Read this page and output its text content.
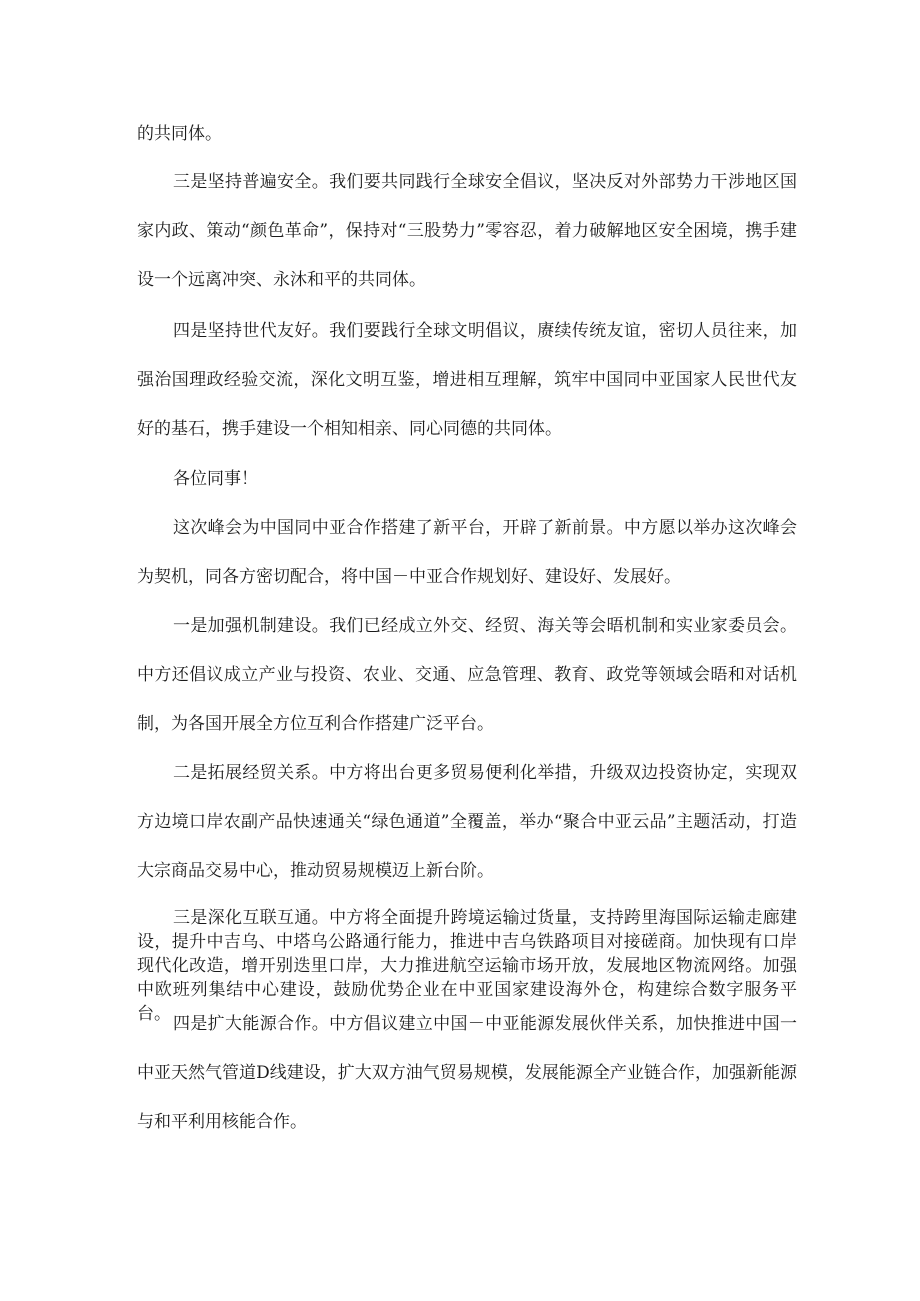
的共同体。

三是坚持普遍安全。我们要共同践行全球安全倡议，坚决反对外部势力干涉地区国家内政、策动“颜色革命”，保持对“三股势力”零容忍，着力破解地区安全困境，携手建设一个远离冲突、永沐和平的共同体。

四是坚持世代友好。我们要践行全球文明倡议，赓续传统友谊，密切人员往来，加强治国理政经验交流，深化文明互鉴，增进相互理解，筑牢中国同中亚国家人民世代友好的基石，携手建设一个相知相亲、同心同德的共同体。

各位同事！

这次峰会为中国同中亚合作搭建了新平台，开辟了新前景。中方愿以举办这次峰会为契机，同各方密切配合，将中国－中亚合作规划好、建设好、发展好。

一是加强机制建设。我们已经成立外交、经贸、海关等会晤机制和实业家委员会。中方还倡议成立产业与投资、农业、交通、应急管理、教育、政党等领域会晤和对话机制，为各国开展全方位互利合作搭建广泛平台。

二是拓展经贸关系。中方将出台更多贸易便利化举措，升级双边投资协定，实现双方边境口岸农副产品快速通关“绿色通道”全覆盖，举办“聚合中亚云品”主题活动，打造大宗商品交易中心，推动贸易规模迈上新台阶。

三是深化互联互通。中方将全面提升跨境运输过货量，支持跨里海国际运输走廊建设，提升中吉乌、中塔乌公路通行能力，推进中吉乌铁路项目对接磋商。加快现有口岸现代化改造，增开别迭里口岸，大力推进航空运输市场开放，发展地区物流网络。加强中欧班列集结中心建设，鼓励优势企业在中亚国家建设海外仓，构建综合数字服务平台。 四是扩大能源合作。中方倡议建立中国－中亚能源发展伙伴关系，加快推进中国一中亚天然气管道D线建设，扩大双方油气贸易规模，发展能源全产业链合作，加强新能源与和平利用核能合作。
